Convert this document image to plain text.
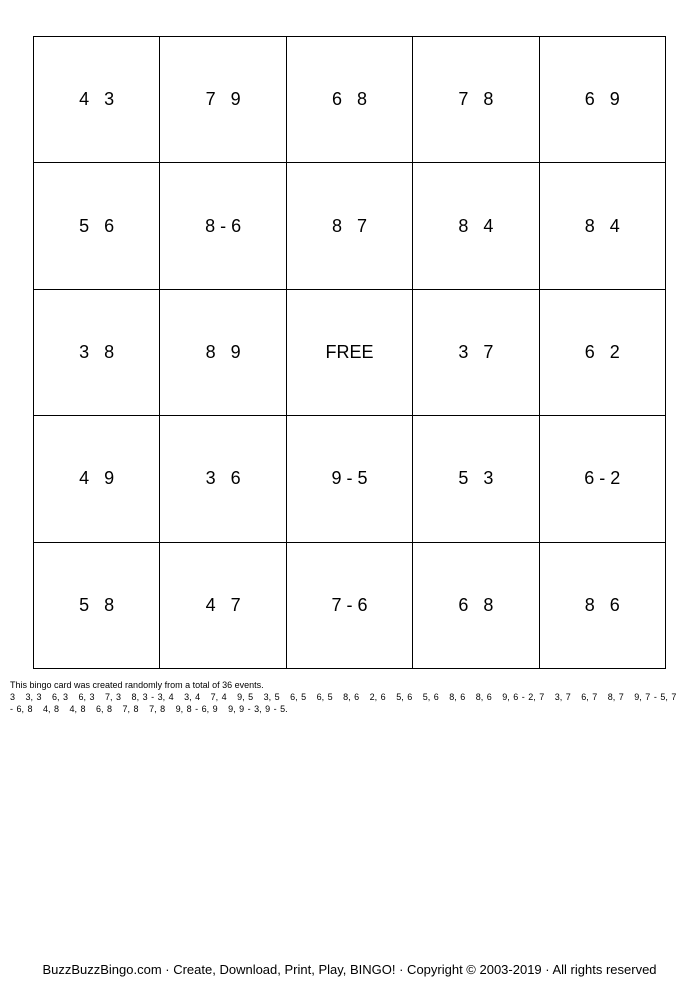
4   3	7   9	6   8	7   8	6   9
5   6	8 - 6	8   7	8   4	8   4
3   8	8   9	FREE	3   7	6   2
4   9	3   6	9 - 5	5   3	6 - 2
5   8	4   7	7 - 6	6   8	8   6

This bingo card was created randomly from a total of 36 events.

3   3, 3   6, 3   6, 3   7, 3   8, 3 - 3, 4   3, 4   7, 4   9, 5   3, 5   6, 5   6, 5   8, 6   2, 6   5, 6   5, 6   8, 6   8, 6   9, 6 - 2, 7   3, 7   6, 7   8, 7   9, 7 - 5, 7 - 6, 8   4, 8   4, 8   6, 8   7, 8   7, 8   9, 8 - 6, 9   9, 9 - 3, 9 - 5.

BuzzBuzzBingo.com · Create, Download, Print, Play, BINGO! · Copyright © 2003-2019 · All rights reserved
